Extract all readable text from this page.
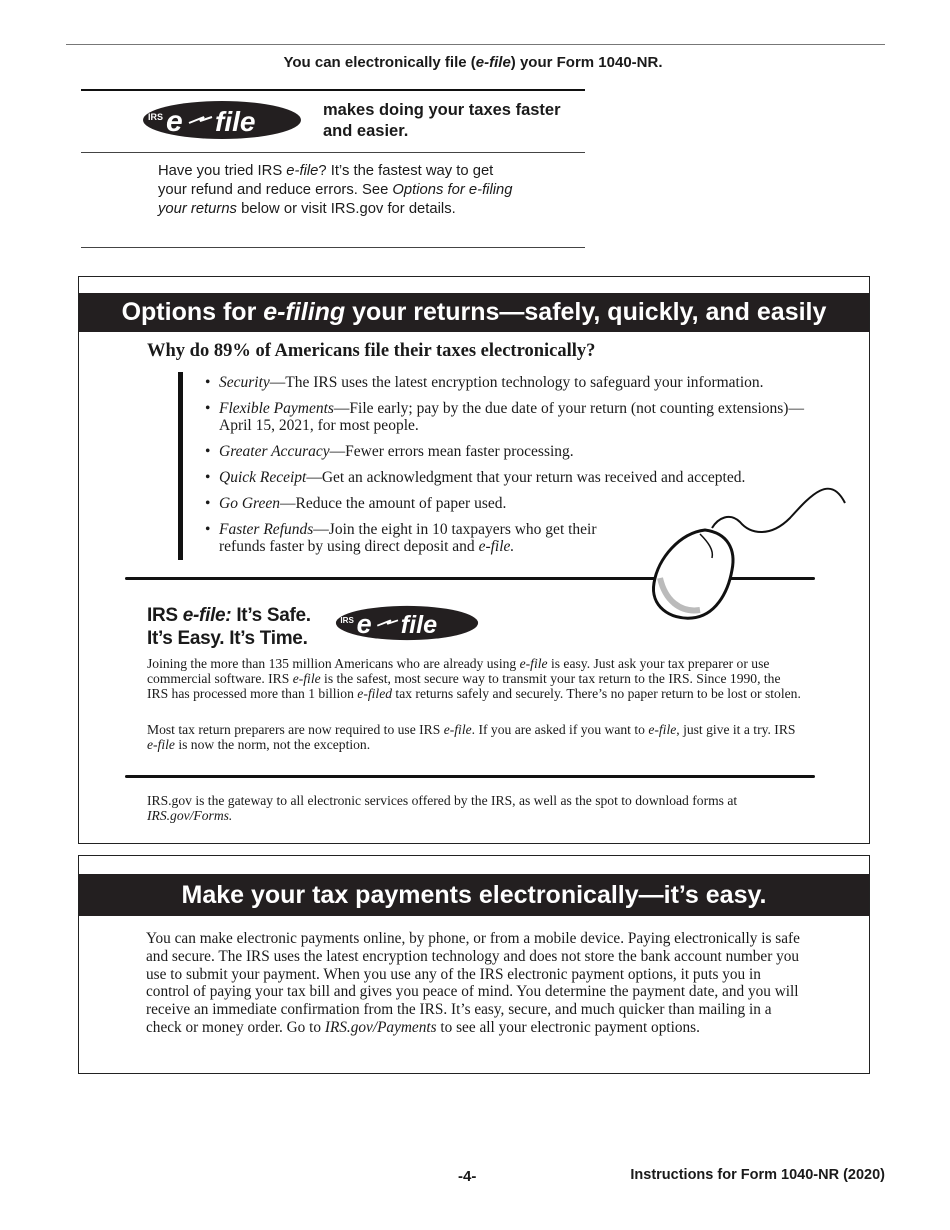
You can electronically file (e-file) your Form 1040-NR.
IRS e file	makes doing your taxes faster and easier.
Have you tried IRS e-file? It’s the fastest way to get your refund and reduce errors. See Options for e-filing your returns below or visit IRS.gov for details.
Options for e-filing your returns—safely, quickly, and easily
Why do 89% of Americans file their taxes electronically?
• Security—The IRS uses the latest encryption technology to safeguard your information.
• Flexible Payments—File early; pay by the due date of your return (not counting extensions)—April 15, 2021, for most people.
• Greater Accuracy—Fewer errors mean faster processing.
• Quick Receipt—Get an acknowledgment that your return was received and accepted.
• Go Green—Reduce the amount of paper used.
• Faster Refunds—Join the eight in 10 taxpayers who get their refunds faster by using direct deposit and e-file.
IRS e-file: It’s Safe.
It’s Easy. It’s Time.
IRS e file
Joining the more than 135 million Americans who are already using e-file is easy. Just ask your tax preparer or use commercial software. IRS e-file is the safest, most secure way to transmit your tax return to the IRS. Since 1990, the IRS has processed more than 1 billion e-filed tax returns safely and securely. There’s no paper return to be lost or stolen.
Most tax return preparers are now required to use IRS e-file. If you are asked if you want to e-file, just give it a try. IRS e-file is now the norm, not the exception.
IRS.gov is the gateway to all electronic services offered by the IRS, as well as the spot to download forms at IRS.gov/Forms.
Make your tax payments electronically—it’s easy.
You can make electronic payments online, by phone, or from a mobile device. Paying electronically is safe and secure. The IRS uses the latest encryption technology and does not store the bank account number you use to submit your payment. When you use any of the IRS electronic payment options, it puts you in control of paying your tax bill and gives you peace of mind. You determine the payment date, and you will receive an immediate confirmation from the IRS. It’s easy, secure, and much quicker than mailing in a check or money order. Go to IRS.gov/Payments to see all your electronic payment options.
-4-	Instructions for Form 1040-NR (2020)
